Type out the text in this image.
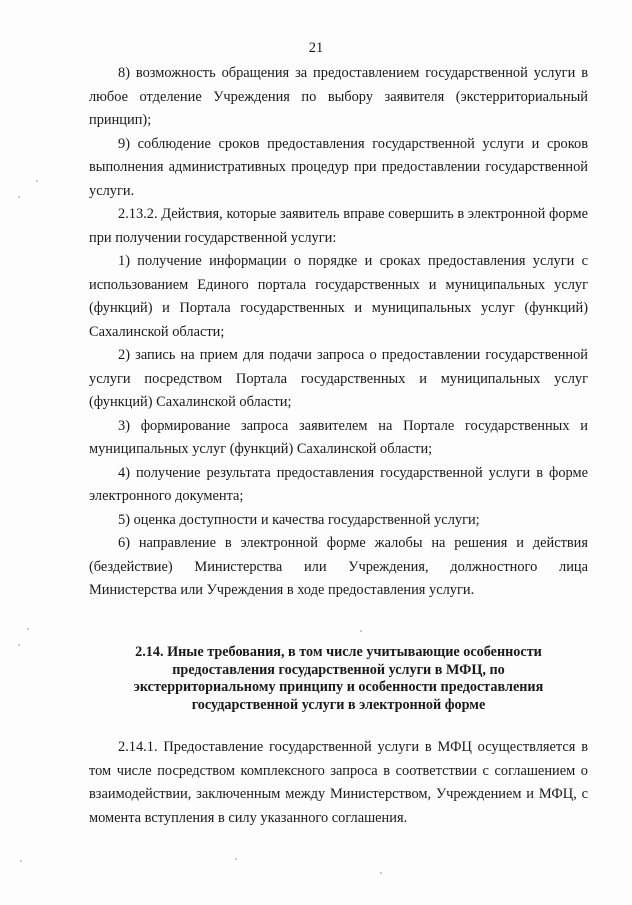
21

8) возможность обращения за предоставлением государственной услуги в любое отделение Учреждения по выбору заявителя (экстерриториальный принцип);

9) соблюдение сроков предоставления государственной услуги и сроков выполнения административных процедур при предоставлении государственной услуги.

2.13.2. Действия, которые заявитель вправе совершить в электронной форме при получении государственной услуги:

1) получение информации о порядке и сроках предоставления услуги с использованием Единого портала государственных и муниципальных услуг (функций) и Портала государственных и муниципальных услуг (функций) Сахалинской области;

2) запись на прием для подачи запроса о предоставлении государственной услуги посредством Портала государственных и муниципальных услуг (функций) Сахалинской области;

3) формирование запроса заявителем на Портале государственных и муниципальных услуг (функций) Сахалинской области;

4) получение результата предоставления государственной услуги в форме электронного документа;

5) оценка доступности и качества государственной услуги;

6) направление в электронной форме жалобы на решения и действия (бездействие) Министерства или Учреждения, должностного лица Министерства или Учреждения в ходе предоставления услуги.

2.14. Иные требования, в том числе учитывающие особенности
предоставления государственной услуги в МФЦ, по
экстерриториальному принципу и особенности предоставления
государственной услуги в электронной форме

2.14.1. Предоставление государственной услуги в МФЦ осуществляется в том числе посредством комплексного запроса в соответствии с соглашением о взаимодействии, заключенным между Министерством, Учреждением и МФЦ, с момента вступления в силу указанного соглашения.
